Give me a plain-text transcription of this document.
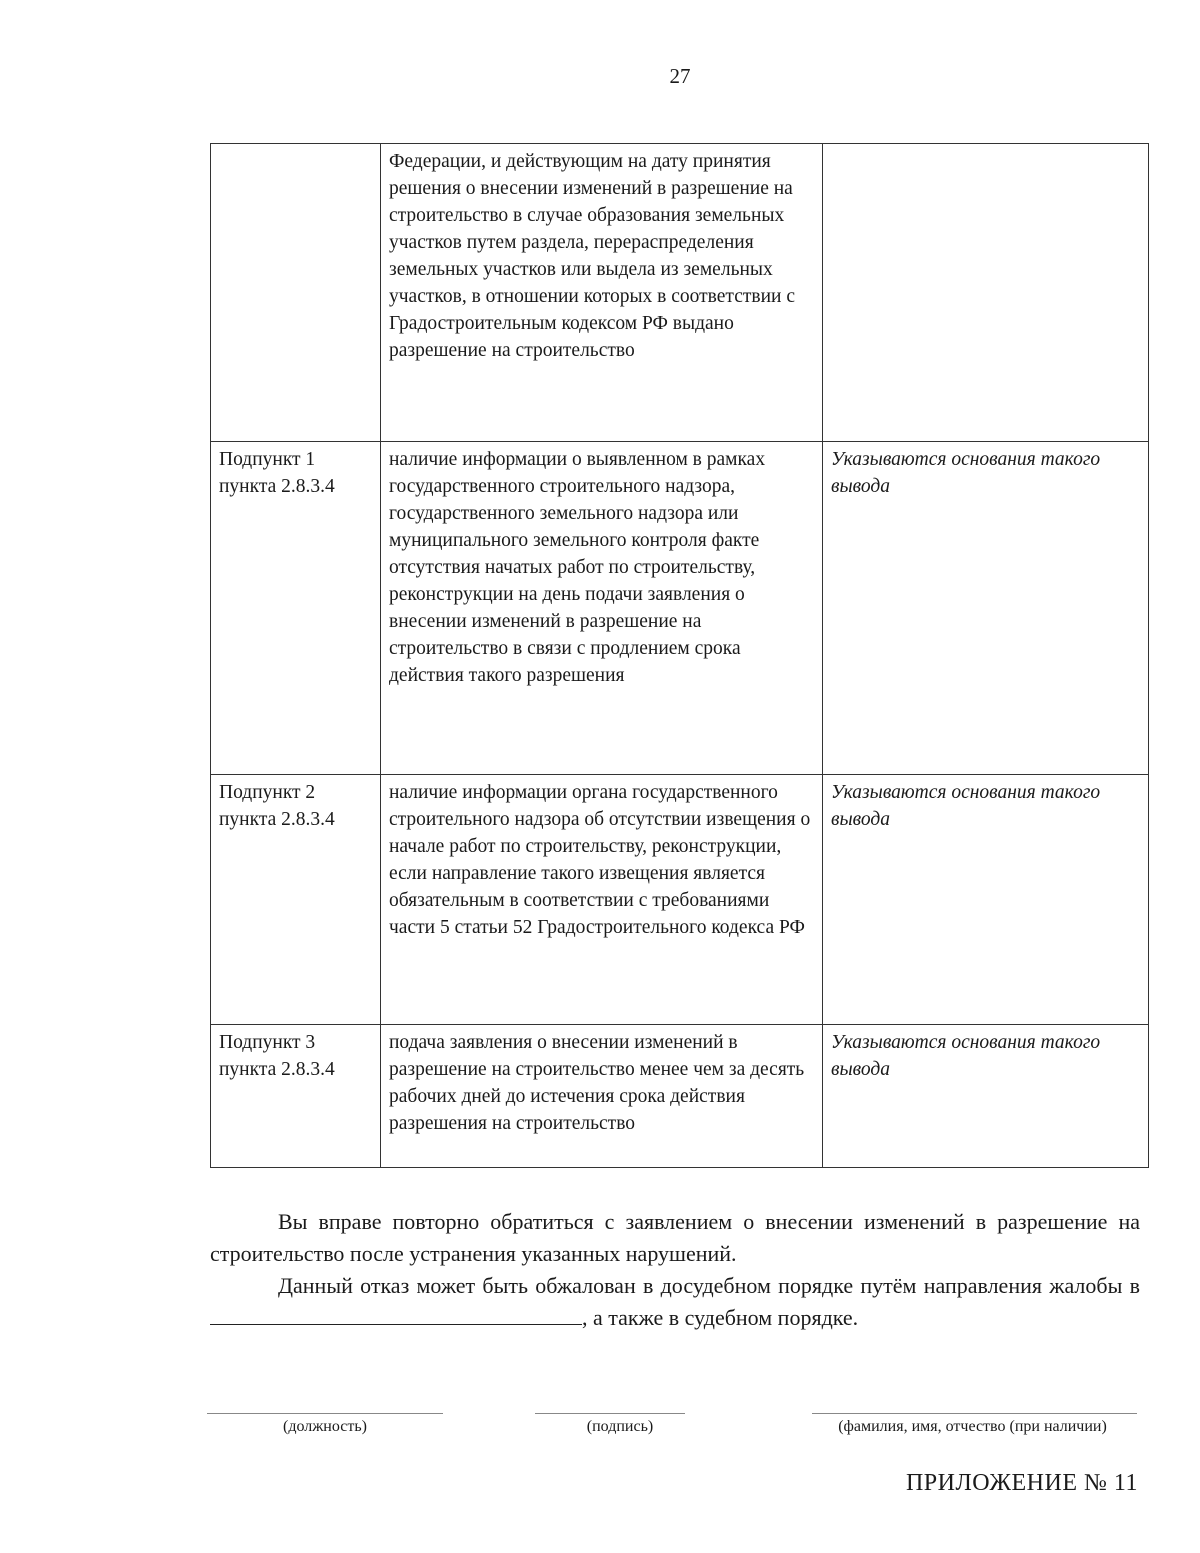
27
	Федерации, и действующим на дату принятия решения о внесении изменений в разрешение на строительство в случае образования земельных участков путем раздела, перераспределения земельных участков или выдела из земельных участков, в отношении которых в соответствии с Градостроительным кодексом РФ выдано разрешение на строительство	
Подпункт 1 пункта 2.8.3.4	наличие информации о выявленном в рамках государственного строительного надзора, государственного земельного надзора или муниципального земельного контроля факте отсутствия начатых работ по строительству, реконструкции на день подачи заявления о внесении изменений в разрешение на строительство в связи с продлением срока действия такого разрешения	Указываются основания такого вывода
Подпункт 2 пункта 2.8.3.4	наличие информации органа государственного строительного надзора об отсутствии извещения о начале работ по строительству, реконструкции, если направление такого извещения является обязательным в соответствии с требованиями части 5 статьи 52 Градостроительного кодекса РФ	Указываются основания такого вывода
Подпункт 3 пункта 2.8.3.4	подача заявления о внесении изменений в разрешение на строительство менее чем за десять рабочих дней до истечения срока действия разрешения на строительство	Указываются основания такого вывода

Вы вправе повторно обратиться с заявлением о внесении изменений в разрешение на строительство после устранения указанных нарушений.

Данный отказ может быть обжалован в досудебном порядке путём направления жалобы в, а также в судебном порядке.

(должность)	(подпись)	(фамилия, имя, отчество (при наличии)
ПРИЛОЖЕНИЕ № 11
